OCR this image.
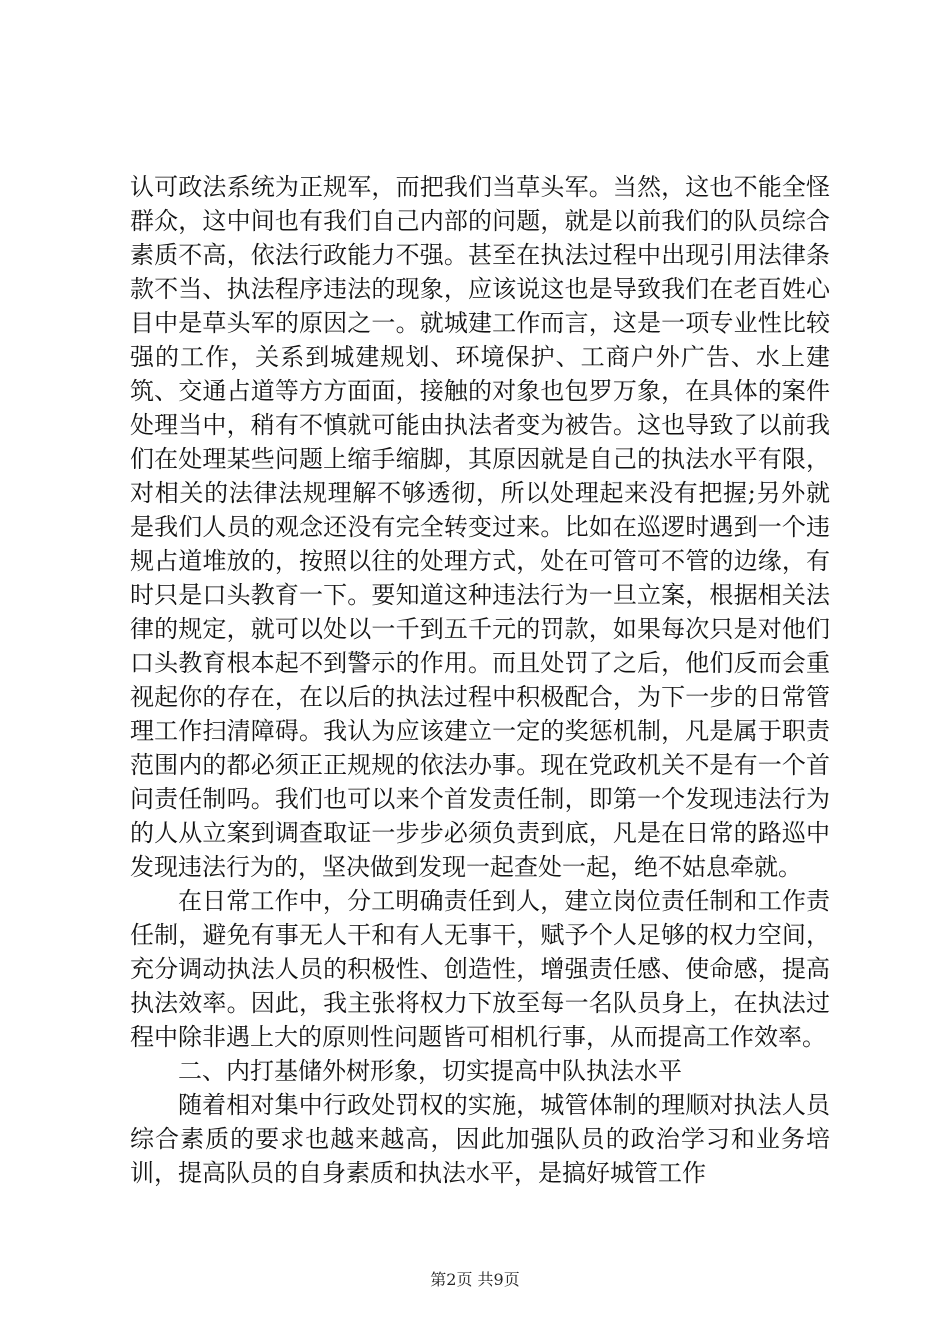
认可政法系统为正规军，而把我们当草头军。当然，这也不能全怪群众，这中间也有我们自己内部的问题，就是以前我们的队员综合素质不高，依法行政能力不强。甚至在执法过程中出现引用法律条款不当、执法程序违法的现象，应该说这也是导致我们在老百姓心目中是草头军的原因之一。就城建工作而言，这是一项专业性比较强的工作，关系到城建规划、环境保护、工商户外广告、水上建筑、交通占道等方方面面，接触的对象也包罗万象，在具体的案件处理当中，稍有不慎就可能由执法者变为被告。这也导致了以前我们在处理某些问题上缩手缩脚，其原因就是自己的执法水平有限，对相关的法律法规理解不够透彻，所以处理起来没有把握;另外就是我们人员的观念还没有完全转变过来。比如在巡逻时遇到一个违规占道堆放的，按照以往的处理方式，处在可管可不管的边缘，有时只是口头教育一下。要知道这种违法行为一旦立案，根据相关法律的规定，就可以处以一千到五千元的罚款，如果每次只是对他们口头教育根本起不到警示的作用。而且处罚了之后，他们反而会重视起你的存在，在以后的执法过程中积极配合，为下一步的日常管理工作扫清障碍。我认为应该建立一定的奖惩机制，凡是属于职责范围内的都必须正正规规的依法办事。现在党政机关不是有一个首问责任制吗。我们也可以来个首发责任制，即第一个发现违法行为的人从立案到调查取证一步步必须负责到底，凡是在日常的路巡中发现违法行为的，坚决做到发现一起查处一起，绝不姑息牵就。

在日常工作中，分工明确责任到人，建立岗位责任制和工作责任制，避免有事无人干和有人无事干，赋予个人足够的权力空间，充分调动执法人员的积极性、创造性，增强责任感、使命感，提高执法效率。因此，我主张将权力下放至每一名队员身上，在执法过程中除非遇上大的原则性问题皆可相机行事，从而提高工作效率。

二、内打基储外树形象，切实提高中队执法水平

随着相对集中行政处罚权的实施，城管体制的理顺对执法人员综合素质的要求也越来越高，因此加强队员的政治学习和业务培训，提高队员的自身素质和执法水平，是搞好城管工作

第2页 共9页
